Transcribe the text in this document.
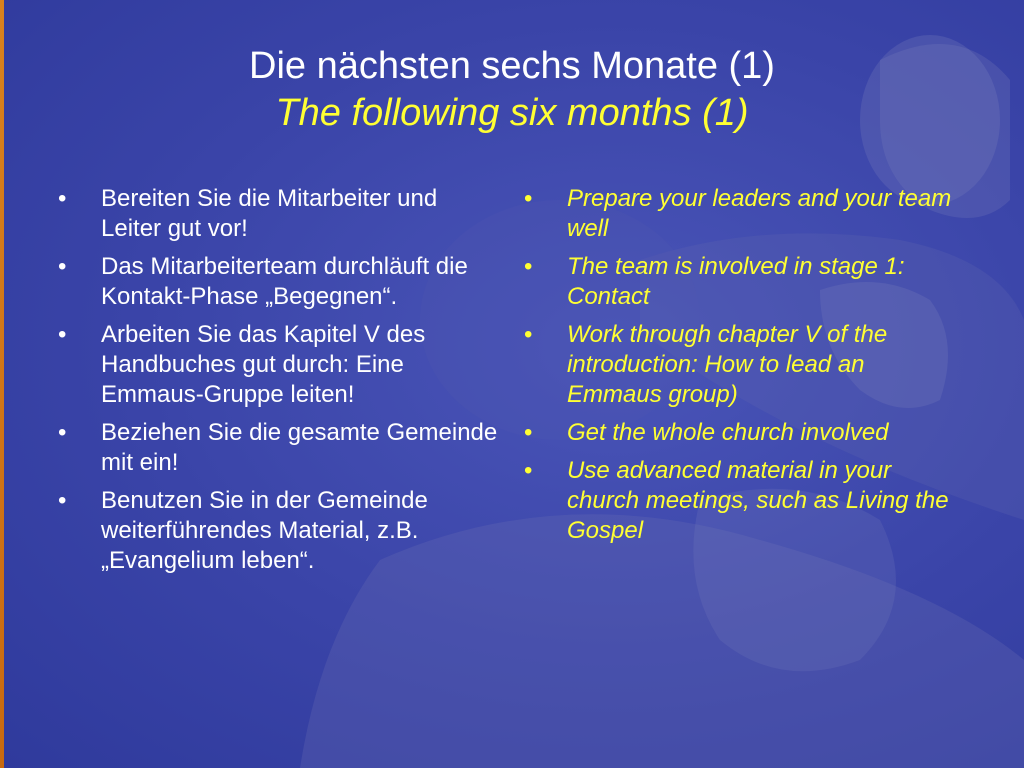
Die nächsten sechs Monate (1)

The following six months (1)

• Bereiten Sie die Mitarbeiter und Leiter gut vor!
• Das Mitarbeiterteam durchläuft die Kontakt-Phase „Begegnen“.
• Arbeiten Sie das Kapitel V des Handbuches gut durch: Eine Emmaus-Gruppe leiten!
• Beziehen Sie die gesamte Gemeinde mit ein!
• Benutzen Sie in der Gemeinde weiterführendes Material, z.B. „Evangelium leben“.
• Prepare your leaders and your team well
• The team is involved in stage 1: Contact
• Work through chapter V of the introduction: How to lead an Emmaus group)
• Get the whole church involved
• Use advanced material in your church meetings, such as Living the Gospel
